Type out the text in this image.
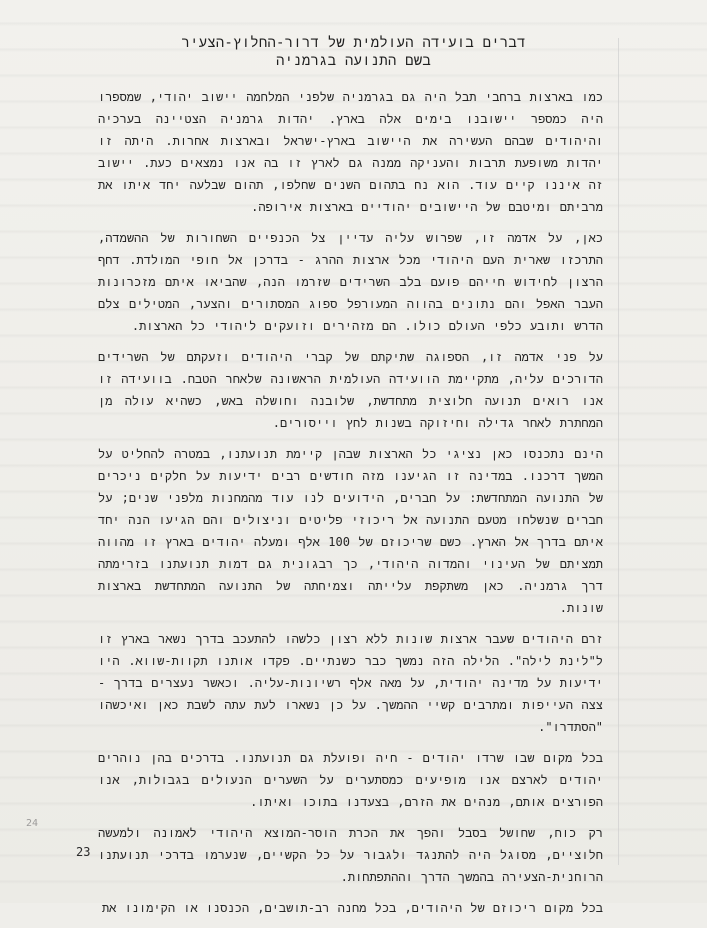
דברים בועידה העולמית של דרור-החלוץ-הצעיר
בשם התנועה בגרמניה

כמו בארצות ברחבי תבל היה גם בגרמניה שלפני המלחמה יישוב יהודי, שמספרו היה כמספר יישובנו בימים אלה בארץ. יהדות גרמניה הצטיינה בערכיה והיהודים שבהם העשירה את היישוב בארץ-ישראל ובארצות אחרות. היתה זו יהדות משופעת תרבות והעניקה ממנה גם לארץ זו בה אנו נמצאים כעת. יישוב זה איננו קיים עוד. הוא נח בתהום השנים שחלפו, תהום שבלעה יחד איתו את מרביתם ומיטבם של היישובים יהודיים בארצות אירופה.

כאן, על אדמה זו, שפרוש עליה עדיין צל הכנפיים השחורות של ההשמדה, התרכזו שארית העם היהודי מכל ארצות ההרג - בדרכן אל חופי המולדת. דחף הרצון לחידוש חייהם פועם בלב השרידים שזרמו הנה, שהביאו איתם מזכרונות העבר האפל והם נתונים בהווה המעורפל ספוג המסתורים והצער, המטילים צלם הדרש ותובע כלפי העולם כולו. הם מזהירים וזועקים ליהודי כל הארצות.

על פני אדמה זו, הספוגה שתיקתם של קברי היהודים וזעקתם של השרידים הדורכים עליה, מתקיימת הוועידה העולמית הראשונה שלאחר הטבח. בוועידה זו אנו רואים תנועה חלוצית מתחדשת, שלובנה וחושלה באש, כשהיא עולה מן המחתרת לאחר גדילה וחיזוקה בשנות לחץ וייסורים.

הינם נתכנסו כאן נציגי כל הארצות שבהן קיימת תנועתנו, במטרה להחליט על המשך דרכנו. במדינה זו הגיענו מזה חודשים רבים ידיעות על חלקים ניכרים של התנועה המתחדשת: על חברים, הידועים לנו עוד מהמחנות מלפני שנים; על חברים שנשלחו מטעם התנועה אל ריכוזי פליטים וניצולים והם הגיעו הנה יחד איתם בדרך אל הארץ. כשם שריכוזם של 100 אלף ומעלה יהודים בארץ זו מהווה תמציתם של העינוי והמדוה היהודי, כך רבגונית גם דמות תנועתנו בזרימתה דרך גרמניה. כאן משתקפת עלייתה וצמיחתה של התנועה המתחדשת בארצות שונות.

זרם היהודים שעבר ארצות שונות ללא רצון כלשהו להתעכב בדרך נשאר בארץ זו ל"לינת לילה". הלילה הזה נמשך כבר כשנתיים. פקדו אותנו תקוות-שווא. היו ידיעות על מדינה יהודית, על מאה אלף רשיונות-עליה. וכאשר נעצרים בדרך - צצה העייפות ומתרבים קשיי ההמשך. על כן נשארו לעת עתה לשבת כאן ואיכשהו "הסתדרו".

בכל מקום שבו שרדו יהודים - חיה ופועלת גם תנועתנו. בדרכים בהן נוהרים יהודים לארצם אנו מופיעים כמסתערים על השערים הנעולים בגבולות, אנו הפורצים אותם, מנהים את הזרם, בצעדנו בתוכו ואיתו.

רק כוח, שחושל בסבל והפך את הכרת הוסר-המוצא היהודי לאמונה ולמעשה חלוציים, מסוגל היה להתנגד ולגבור על כל הקשיים, שנערמו בדרכי תנועתנו הרוחנית-הצעירה בהמשך הדרך וההתפתחות.

בכל מקום ריכוזם של היהודים, בכל מחנה רב-תושבים, הכנסנו או הקימונו את

24
23
